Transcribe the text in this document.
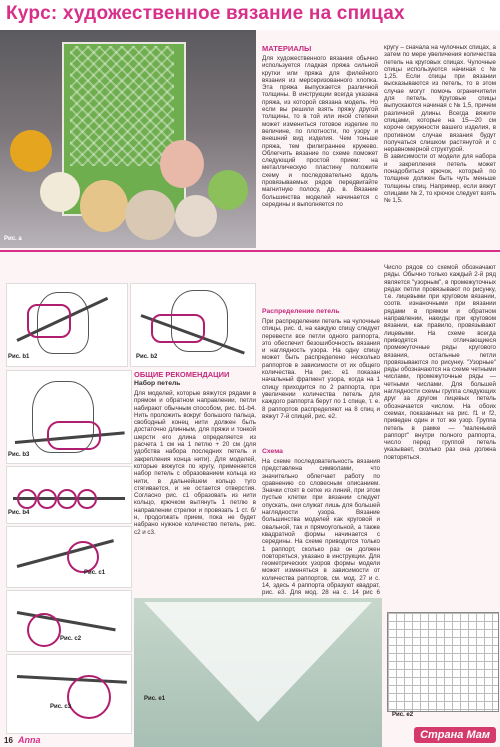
Курс: художественное вязание на спицах
Рис. a
МАТЕРИАЛЫ
Для художественного вязания обычно используется гладкая пряжа сильной крутки или пряжа для филейного вязания из мерсеризованного хлопка. Эта пряжа выпускается различной толщины. В инструкции всегда указана пряжа, из которой связана модель. Но если вы решили взять пряжу другой толщины, то в той или иной степени может измениться готовое изделие по величине, по плотности, по узору и внешний вид изделия. Чем тоньше пряжа, тем филиграннее кружево. Облегчить вязание по схеме поможет следующий простой прием: на металлическую пластину положите схему и последовательно вдоль провязываемых рядов передвигайте магнитную полосу, др. в. Вязание большинства моделей начинается с середины и выполняется по
кругу – сначала на чулочных спицах, а затем по мере увеличения количества петель на круговых спицах. Чулочные спицы используются начиная с № 1,25. Если спицы при вязании высказываются из петель, то в этом случае могут помочь ограничители для петель. Круговые спицы выпускаются начиная с № 1,5, причем различной длины. Всегда вяжите спицами, которые на 15—20 см короче окружности вашего изделия, в противном случае вязания будут получаться слишком растянутой и с неравномерной структурой.
В зависимости от модели для набора и закрепления петель может понадобиться крючок, который по толщине должен быть чуть меньше толщины спиц. Например, если вяжут спицами № 2, то крючок следует взять № 1,5.
Рис. b1	Рис. b2
Рис. b3
Рис. b4
Рис. c1
Рис. c2
Рис. c3
ОБЩИЕ РЕКОМЕНДАЦИИ
Набор петель
Для моделей, которые вяжутся рядами в прямом и обратном направлении, петли набирают обычным способом, рис. b1-b4. Нить проложить вокруг большого пальца, свободный конец нити должен быть достаточно длинным, для пряжи и тонкой шерсти его длина определяется из расчета 1 см на 1 петлю + 20 см (для удобства набора последних петель и закрепления конца нити). Для моделей, которые вяжутся по кругу, применяется набор петель с образованием кольца из нити, в дальнейшем кольцо туго стягивается, и не остается отверстия. Согласно рис. c1 образовать из нити кольцо, крючком вытянуть 1 петлю в направлении стрелки и провязать 1 ст. б/н, продолжать прием, пока не будет набрано нужное количество петель, рис. c2 и c3.
Распределение петель
При распределении петель на чулочные спицы, рис. d, на каждую спицу следует перевести все петли одного раппорта, это обеспечит безошибочность вязания и наглядность узора. На одну спицу может быть распределено несколько раппортов в зависимости от их общего количества. На рис. e1 показан начальный фрагмент узора, когда на 1 спицу приходится по 2 раппорта, при увеличении количества петель для каждого раппорта берут по 1 спице, т. е. 8 раппортов распределяют на 8 спиц и вяжут 7-й спицей, рис. e2.
Схема
На схеме последовательность вязания представлена символами, что значительно облегчает работу по сравнению со словесным описанием. Значки стоят в сетке из линий, при этом пустые клетки при вязании следует опускать, они служат лишь для большей наглядности узора. Вязание большинства моделей как круговой и овальной, так и прямоугольной, а также квадратной формы начинается с середины. На схеме приводится только 1 раппорт, сколько раз он должен повторяться, указано в инструкции. Для геометрических узоров формы модели может изменяться в зависимости от количества раппортов, см. мод. 27 и с. 14, здесь 4 раппорта образуют квадрат, рис. e3. Для мод. 28 на с. 14 рис 6
Число рядов со схемой обозначают ряды. Обычно только каждый 2-й ряд является "узорным", в промежуточных рядах петли провязывают по рисунку, т.е. лицевыми при круговом вязании, соотв. изнаночными при вязании рядами в прямом и обратном направлении, накиды при круговом вязании, как правило, провязывают лицевыми. На схеме всегда приводятся отличающиеся промежуточные ряды кругового вязания, остальные петли провязываются по рисунку. "Узорные" ряды обозначаются на схеме четными числами, промежуточные ряды — четными числами. Для большей наглядности схемы группа следующих друг за другом лицевых петель обозначается числом. На обоих схемах, показанных на рис. f1 и f2, приведен один и тот же узор. Группа петель в рамке — "маленький раппорт" внутри полного раппорта, число перед группой петель указывает, сколько раз она должна повторяться.
Рис. e1
Рис. e2
16 Anna	Страна Мам
